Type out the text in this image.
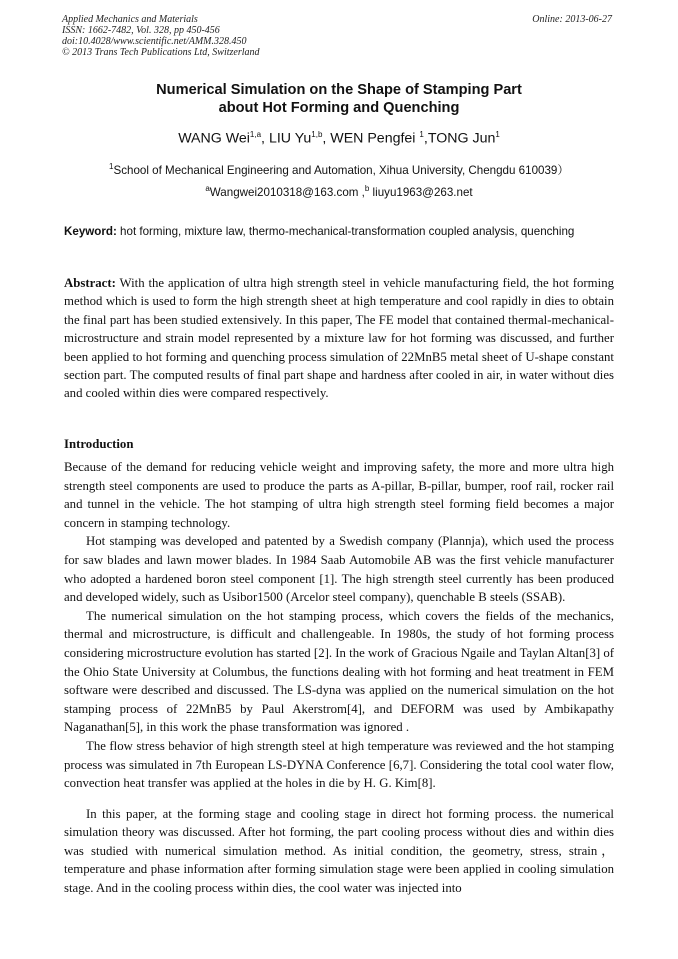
Applied Mechanics and Materials
ISSN: 1662-7482, Vol. 328, pp 450-456
doi:10.4028/www.scientific.net/AMM.328.450
© 2013 Trans Tech Publications Ltd, Switzerland
Online: 2013-06-27
Numerical Simulation on the Shape of Stamping Part
about Hot Forming and Quenching
WANG Wei$^{1,a}$, LIU Yu$^{1,b}$, WEN Pengfei $^1$,TONG Jun$^1$
$^1$School of Mechanical Engineering and Automation, Xihua University, Chengdu 610039）
$^a$Wangwei2010318@163.com ,$^b$ liuyu1963@263.net
Keyword: hot forming, mixture law, thermo-mechanical-transformation coupled analysis, quenching
Abstract: With the application of ultra high strength steel in vehicle manufacturing field, the hot forming method which is used to form the high strength sheet at high temperature and cool rapidly in dies to obtain the final part has been studied extensively. In this paper, The FE model that contained thermal-mechanical-microstructure and strain model represented by a mixture law for hot forming was discussed, and further been applied to hot forming and quenching process simulation of 22MnB5 metal sheet of U-shape constant section part. The computed results of final part shape and hardness after cooled in air, in water without dies and cooled within dies were compared respectively.
Introduction

Because of the demand for reducing vehicle weight and improving safety, the more and more ultra high strength steel components are used to produce the parts as A-pillar, B-pillar, bumper, roof rail, rocker rail and tunnel in the vehicle. The hot stamping of ultra high strength steel forming field becomes a major concern in stamping technology.

Hot stamping was developed and patented by a Swedish company (Plannja), which used the process for saw blades and lawn mower blades. In 1984 Saab Automobile AB was the first vehicle manufacturer who adopted a hardened boron steel component [1]. The high strength steel currently has been produced and developed widely, such as Usibor1500 (Arcelor steel company), quenchable B steels (SSAB).

The numerical simulation on the hot stamping process, which covers the fields of the mechanics, thermal and microstructure, is difficult and challengeable. In 1980s, the study of hot forming process considering microstructure evolution has started [2]. In the work of Gracious Ngaile and Taylan Altan[3] of the Ohio State University at Columbus, the functions dealing with hot forming and heat treatment in FEM software were described and discussed. The LS-dyna was applied on the numerical simulation on the hot stamping process of 22MnB5 by Paul Akerstrom[4], and DEFORM was used by Ambikapathy Naganathan[5], in this work the phase transformation was ignored .

The flow stress behavior of high strength steel at high temperature was reviewed and the hot stamping process was simulated in 7th European LS-DYNA Conference [6,7]. Considering the total cool water flow, convection heat transfer was applied at the holes in die by H. G. Kim[8].

In this paper, at the forming stage and cooling stage in direct hot forming process. the numerical simulation theory was discussed. After hot forming, the part cooling process without dies and within dies was studied with numerical simulation method. As initial condition, the geometry, stress, strain，temperature and phase information after forming simulation stage were been applied in cooling simulation stage. And in the cooling process within dies, the cool water was injected into
